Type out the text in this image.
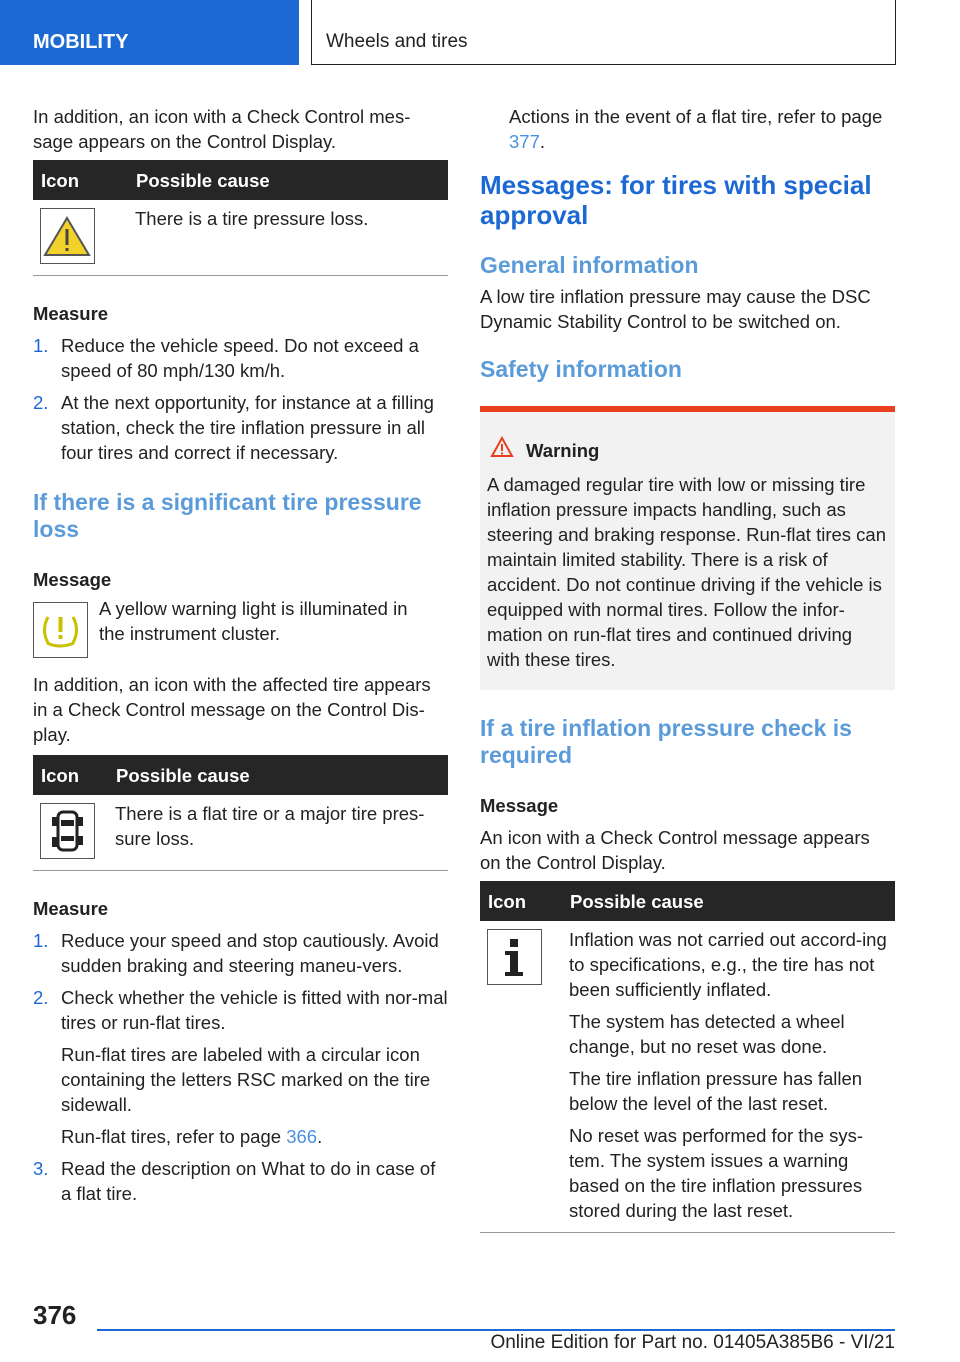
MOBILITY	Wheels and tires

In addition, an icon with a Check Control mes-sage appears on the Control Display.

Icon	Possible cause
There is a tire pressure loss.

Measure

1. Reduce the vehicle speed. Do not exceed a speed of 80 mph/130 km/h.
2. At the next opportunity, for instance at a filling station, check the tire inflation pressure in all four tires and correct if necessary.
If there is a significant tire pressure loss

Message

A yellow warning light is illuminated in the instrument cluster.

In addition, an icon with the affected tire appears in a Check Control message on the Control Dis-play.

Icon	Possible cause
There is a flat tire or a major tire pres-sure loss.

Measure

1. Reduce your speed and stop cautiously. Avoid sudden braking and steering maneu-vers.
2. Check whether the vehicle is fitted with nor-mal tires or run-flat tires.

Run-flat tires are labeled with a circular icon containing the letters RSC marked on the tire sidewall.

Run-flat tires, refer to page 366.

3. Read the description on What to do in case of a flat tire.

Actions in the event of a flat tire, refer to page 377.

Messages: for tires with special approval
General information

A low tire inflation pressure may cause the DSC Dynamic Stability Control to be switched on.

Safety information
Warning

A damaged regular tire with low or missing tire inflation pressure impacts handling, such as steering and braking response. Run-flat tires can maintain limited stability. There is a risk of accident. Do not continue driving if the vehicle is equipped with normal tires. Follow the infor-mation on run-flat tires and continued driving with these tires.

If a tire inflation pressure check is required

Message

An icon with a Check Control message appears on the Control Display.

Icon	Possible cause

Inflation was not carried out accord-ing to specifications, e.g., the tire has not been sufficiently inflated.

The system has detected a wheel change, but no reset was done.

The tire inflation pressure has fallen below the level of the last reset.

No reset was performed for the sys-tem. The system issues a warning based on the tire inflation pressures stored during the last reset.

376
Online Edition for Part no. 01405A385B6 - VI/21
